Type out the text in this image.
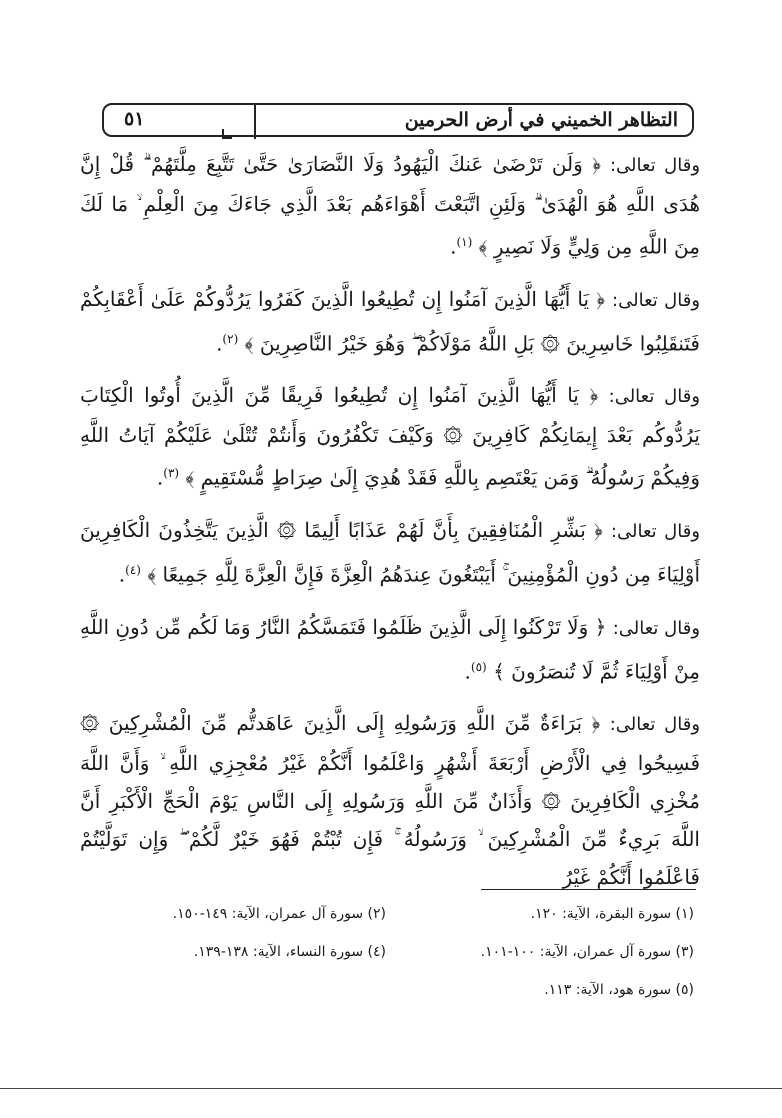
التظاهر الخميني في أرض الحرمين
٥١

وقال تعالى: ﴿ وَلَن تَرْضَىٰ عَنكَ الْيَهُودُ وَلَا النَّصَارَىٰ حَتَّىٰ تَتَّبِعَ مِلَّتَهُمْ ۗ قُلْ إِنَّ هُدَى اللَّهِ هُوَ الْهُدَىٰ ۗ وَلَئِنِ اتَّبَعْتَ أَهْوَاءَهُم بَعْدَ الَّذِي جَاءَكَ مِنَ الْعِلْمِ ۙ مَا لَكَ مِنَ اللَّهِ مِن وَلِيٍّ وَلَا نَصِيرٍ ﴾ $^{(١)}$.

وقال تعالى: ﴿ يَا أَيُّهَا الَّذِينَ آمَنُوا إِن تُطِيعُوا الَّذِينَ كَفَرُوا يَرُدُّوكُمْ عَلَىٰ أَعْقَابِكُمْ فَتَنقَلِبُوا خَاسِرِينَ ۞ بَلِ اللَّهُ مَوْلَاكُمْ ۖ وَهُوَ خَيْرُ النَّاصِرِينَ ﴾ $^{(٢)}$.

وقال تعالى: ﴿ يَا أَيُّهَا الَّذِينَ آمَنُوا إِن تُطِيعُوا فَرِيقًا مِّنَ الَّذِينَ أُوتُوا الْكِتَابَ يَرُدُّوكُم بَعْدَ إِيمَانِكُمْ كَافِرِينَ ۞ وَكَيْفَ تَكْفُرُونَ وَأَنتُمْ تُتْلَىٰ عَلَيْكُمْ آيَاتُ اللَّهِ وَفِيكُمْ رَسُولُهُ ۗ وَمَن يَعْتَصِم بِاللَّهِ فَقَدْ هُدِيَ إِلَىٰ صِرَاطٍ مُّسْتَقِيمٍ ﴾ $^{(٣)}$.

وقال تعالى: ﴿ بَشِّرِ الْمُنَافِقِينَ بِأَنَّ لَهُمْ عَذَابًا أَلِيمًا ۞ الَّذِينَ يَتَّخِذُونَ الْكَافِرِينَ أَوْلِيَاءَ مِن دُونِ الْمُؤْمِنِينَ ۚ أَيَبْتَغُونَ عِندَهُمُ الْعِزَّةَ فَإِنَّ الْعِزَّةَ لِلَّهِ جَمِيعًا ﴾ $^{(٤)}$.

وقال تعالى: ﴿ وَلَا تَرْكَنُوا إِلَى الَّذِينَ ظَلَمُوا فَتَمَسَّكُمُ النَّارُ وَمَا لَكُم مِّن دُونِ اللَّهِ مِنْ أَوْلِيَاءَ ثُمَّ لَا تُنصَرُونَ ﴾ $^{(٥)}$.

وقال تعالى: ﴿ بَرَاءَةٌ مِّنَ اللَّهِ وَرَسُولِهِ إِلَى الَّذِينَ عَاهَدتُّم مِّنَ الْمُشْرِكِينَ ۞ فَسِيحُوا فِي الْأَرْضِ أَرْبَعَةَ أَشْهُرٍ وَاعْلَمُوا أَنَّكُمْ غَيْرُ مُعْجِزِي اللَّهِ ۙ وَأَنَّ اللَّهَ مُخْزِي الْكَافِرِينَ ۞ وَأَذَانٌ مِّنَ اللَّهِ وَرَسُولِهِ إِلَى النَّاسِ يَوْمَ الْحَجِّ الْأَكْبَرِ أَنَّ اللَّهَ بَرِيءٌ مِّنَ الْمُشْرِكِينَ ۙ وَرَسُولُهُ ۚ فَإِن تُبْتُمْ فَهُوَ خَيْرٌ لَّكُمْ ۖ وَإِن تَوَلَّيْتُمْ فَاعْلَمُوا أَنَّكُمْ غَيْرُ

(١) سورة البقرة، الآية: ١٢٠.
(٢) سورة آل عمران، الآية: ١٤٩-١٥٠.
(٣) سورة آل عمران، الآية: ١٠٠-١٠١.
(٤) سورة النساء، الآية: ١٣٨-١٣٩.
(٥) سورة هود، الآية: ١١٣.
